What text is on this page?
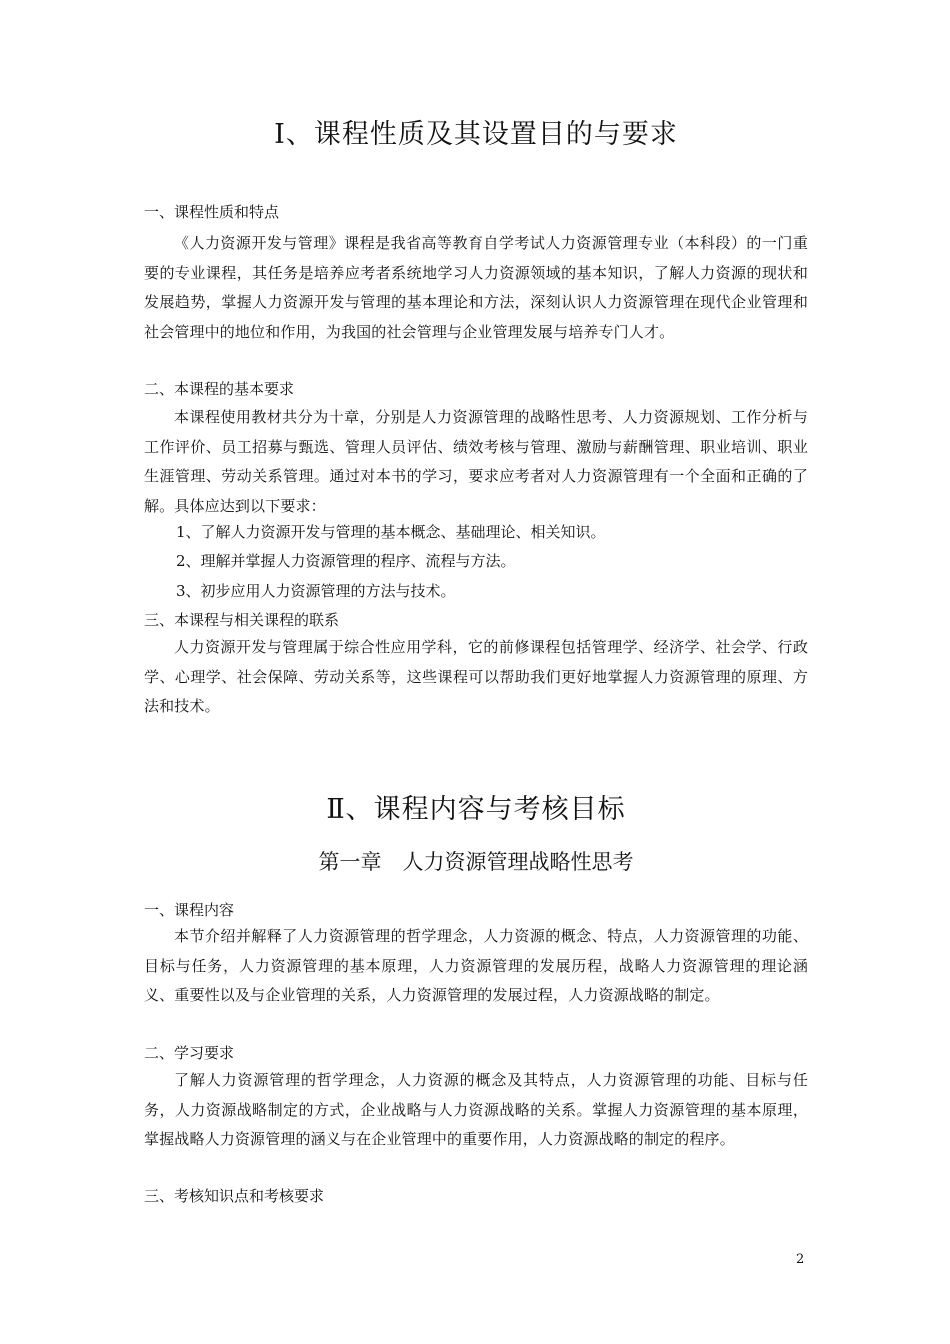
Ⅰ、课程性质及其设置目的与要求
一、课程性质和特点
《人力资源开发与管理》课程是我省高等教育自学考试人力资源管理专业（本科段）的一门重要的专业课程，其任务是培养应考者系统地学习人力资源领域的基本知识，了解人力资源的现状和发展趋势，掌握人力资源开发与管理的基本理论和方法，深刻认识人力资源管理在现代企业管理和社会管理中的地位和作用，为我国的社会管理与企业管理发展与培养专门人才。
二、本课程的基本要求
本课程使用教材共分为十章，分别是人力资源管理的战略性思考、人力资源规划、工作分析与工作评价、员工招募与甄选、管理人员评估、绩效考核与管理、激励与薪酬管理、职业培训、职业生涯管理、劳动关系管理。通过对本书的学习，要求应考者对人力资源管理有一个全面和正确的了解。具体应达到以下要求：
1、了解人力资源开发与管理的基本概念、基础理论、相关知识。
2、理解并掌握人力资源管理的程序、流程与方法。
3、初步应用人力资源管理的方法与技术。
三、本课程与相关课程的联系
人力资源开发与管理属于综合性应用学科，它的前修课程包括管理学、经济学、社会学、行政学、心理学、社会保障、劳动关系等，这些课程可以帮助我们更好地掌握人力资源管理的原理、方法和技术。
Ⅱ、课程内容与考核目标
第一章　人力资源管理战略性思考
一、课程内容
本节介绍并解释了人力资源管理的哲学理念，人力资源的概念、特点，人力资源管理的功能、目标与任务，人力资源管理的基本原理，人力资源管理的发展历程，战略人力资源管理的理论涵义、重要性以及与企业管理的关系，人力资源管理的发展过程，人力资源战略的制定。
二、学习要求
了解人力资源管理的哲学理念，人力资源的概念及其特点，人力资源管理的功能、目标与任务，人力资源战略制定的方式，企业战略与人力资源战略的关系。掌握人力资源管理的基本原理，掌握战略人力资源管理的涵义与在企业管理中的重要作用，人力资源战略的制定的程序。
三、考核知识点和考核要求
2
